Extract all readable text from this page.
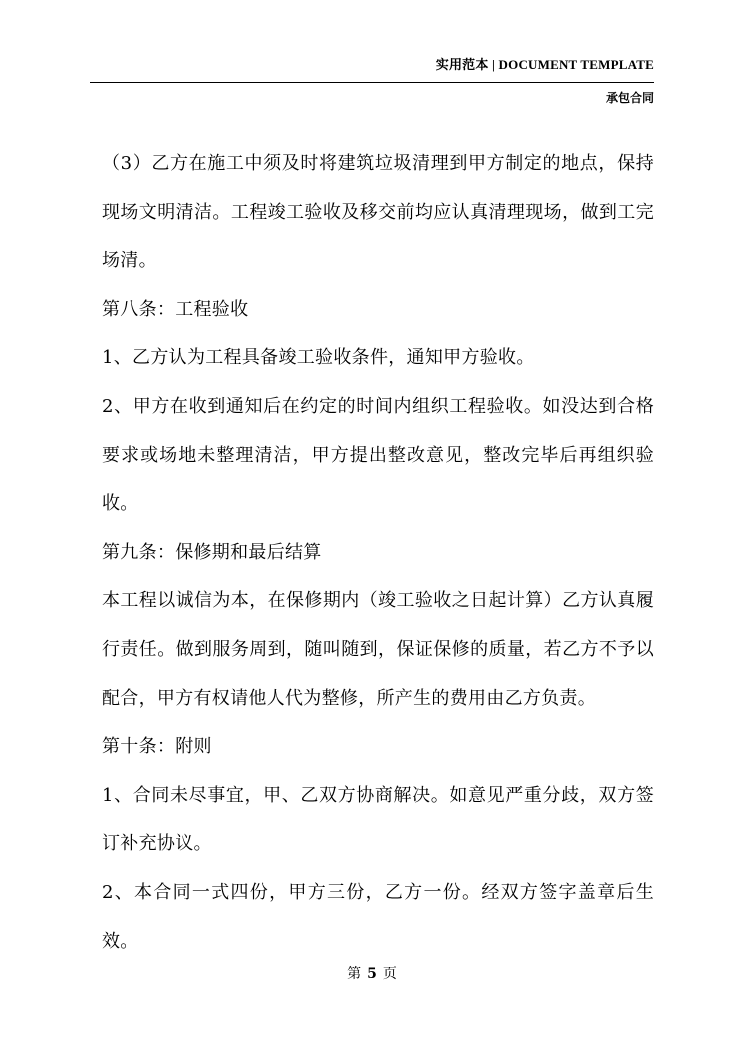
实用范本 | DOCUMENT TEMPLATE
承包合同

（3）乙方在施工中须及时将建筑垃圾清理到甲方制定的地点，保持现场文明清洁。工程竣工验收及移交前均应认真清理现场，做到工完场清。

第八条：工程验收

1、乙方认为工程具备竣工验收条件，通知甲方验收。

2、甲方在收到通知后在约定的时间内组织工程验收。如没达到合格要求或场地未整理清洁，甲方提出整改意见，整改完毕后再组织验收。

第九条：保修期和最后结算

本工程以诚信为本，在保修期内（竣工验收之日起计算）乙方认真履行责任。做到服务周到，随叫随到，保证保修的质量，若乙方不予以配合，甲方有权请他人代为整修，所产生的费用由乙方负责。

第十条：附则

1、合同未尽事宜，甲、乙双方协商解决。如意见严重分歧，双方签订补充协议。

2、本合同一式四份，甲方三份，乙方一份。经双方签字盖章后生效。

第 5 页
